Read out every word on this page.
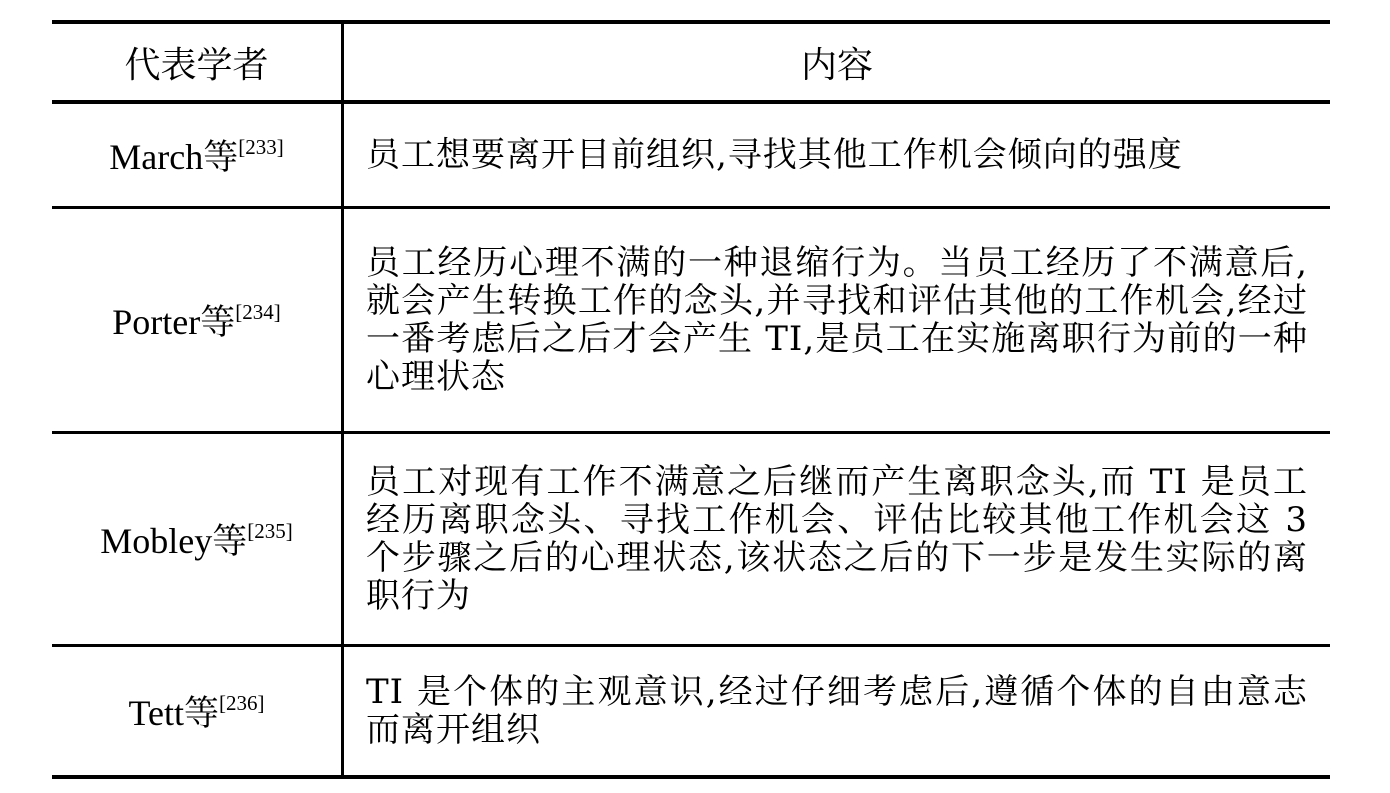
代表学者	内容
March等[233]	员工想要离开目前组织,寻找其他工作机会倾向的强度
Porter等[234]	员工经历心理不满的一种退缩行为。当员工经历了不满意后,就会产生转换工作的念头,并寻找和评估其他的工作机会,经过一番考虑后之后才会产生 TI,是员工在实施离职行为前的一种心理状态
Mobley等[235]	员工对现有工作不满意之后继而产生离职念头,而 TI 是员工经历离职念头、寻找工作机会、评估比较其他工作机会这 3 个步骤之后的心理状态,该状态之后的下一步是发生实际的离职行为
Tett等[236]	TI 是个体的主观意识,经过仔细考虑后,遵循个体的自由意志而离开组织
